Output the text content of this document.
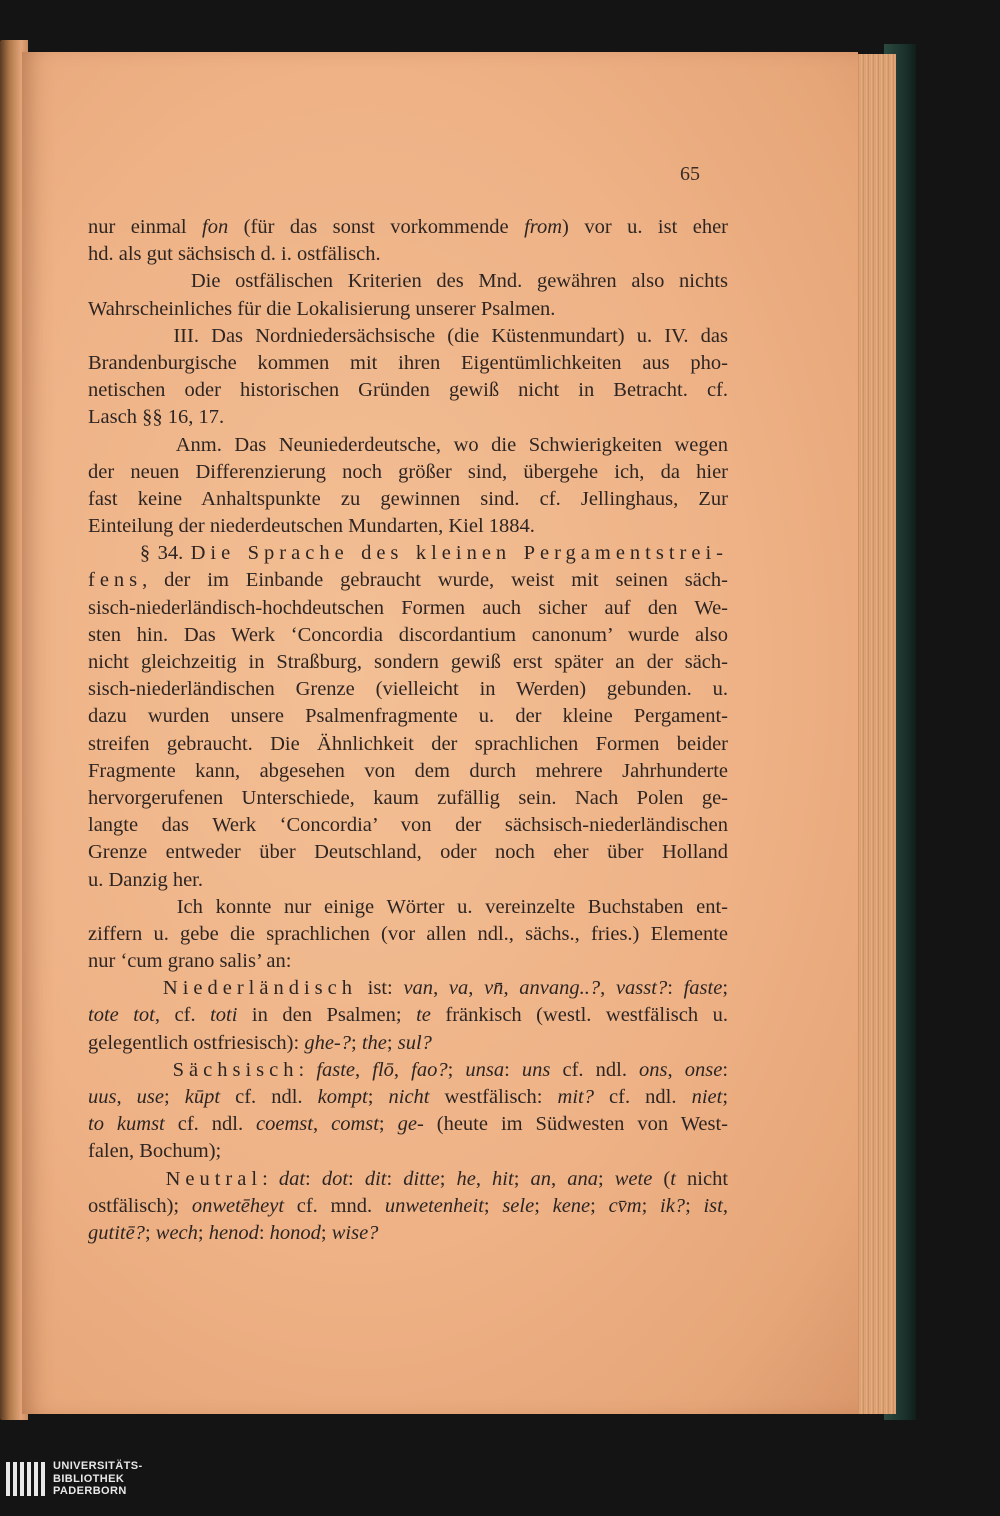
65
nur einmal fon (für das sonst vorkommende from) vor u. ist eher
hd. als gut sächsisch d. i. ostfälisch.
Die ostfälischen Kriterien des Mnd. gewähren also nichts
Wahrscheinliches für die Lokalisierung unserer Psalmen.
III. Das Nordniedersächsische (die Küstenmundart) u. IV. das
Brandenburgische kommen mit ihren Eigentümlichkeiten aus pho-
netischen oder historischen Gründen gewiß nicht in Betracht. cf.
Lasch §§ 16, 17.
Anm. Das Neuniederdeutsche, wo die Schwierigkeiten wegen
der neuen Differenzierung noch größer sind, übergehe ich, da hier
fast keine Anhaltspunkte zu gewinnen sind. cf. Jellinghaus, Zur
Einteilung der niederdeutschen Mundarten, Kiel 1884.
§ 34. Die Sprache des kleinen Pergamentstrei-
fens, der im Einbande gebraucht wurde, weist mit seinen säch-
sisch-niederländisch-hochdeutschen Formen auch sicher auf den We-
sten hin. Das Werk ‘Concordia discordantium canonum’ wurde also
nicht gleichzeitig in Straßburg, sondern gewiß erst später an der säch-
sisch-niederländischen Grenze (vielleicht in Werden) gebunden. u.
dazu wurden unsere Psalmenfragmente u. der kleine Pergament-
streifen gebraucht. Die Ähnlichkeit der sprachlichen Formen beider
Fragmente kann, abgesehen von dem durch mehrere Jahrhunderte
hervorgerufenen Unterschiede, kaum zufällig sein. Nach Polen ge-
langte das Werk ‘Concordia’ von der sächsisch-niederländischen
Grenze entweder über Deutschland, oder noch eher über Holland
u. Danzig her.
Ich konnte nur einige Wörter u. vereinzelte Buchstaben ent-
ziffern u. gebe die sprachlichen (vor allen ndl., sächs., fries.) Elemente
nur ‘cum grano salis’ an:
Niederländisch ist: van, va, vn̄, anvang..?, vasst?: faste;
tote tot, cf. toti in den Psalmen; te fränkisch (westl. westfälisch u.
gelegentlich ostfriesisch): ghe-?; the; sul?
Sächsisch: faste, flō, fao?; unsa: uns cf. ndl. ons, onse:
uus, use; kūpt cf. ndl. kompt; nicht westfälisch: mit? cf. ndl. niet;
to kumst cf. ndl. coemst, comst; ge- (heute im Südwesten von West-
falen, Bochum);
Neutral: dat: dot: dit: ditte; he, hit; an, ana; wete (t nicht
ostfälisch); onwetēheyt cf. mnd. unwetenheit; sele; kene; cv̄m; ik?; ist,
gutitē?; wech; henod: honod; wise?
UNIVERSITÄTS-
BIBLIOTHEK
PADERBORN
